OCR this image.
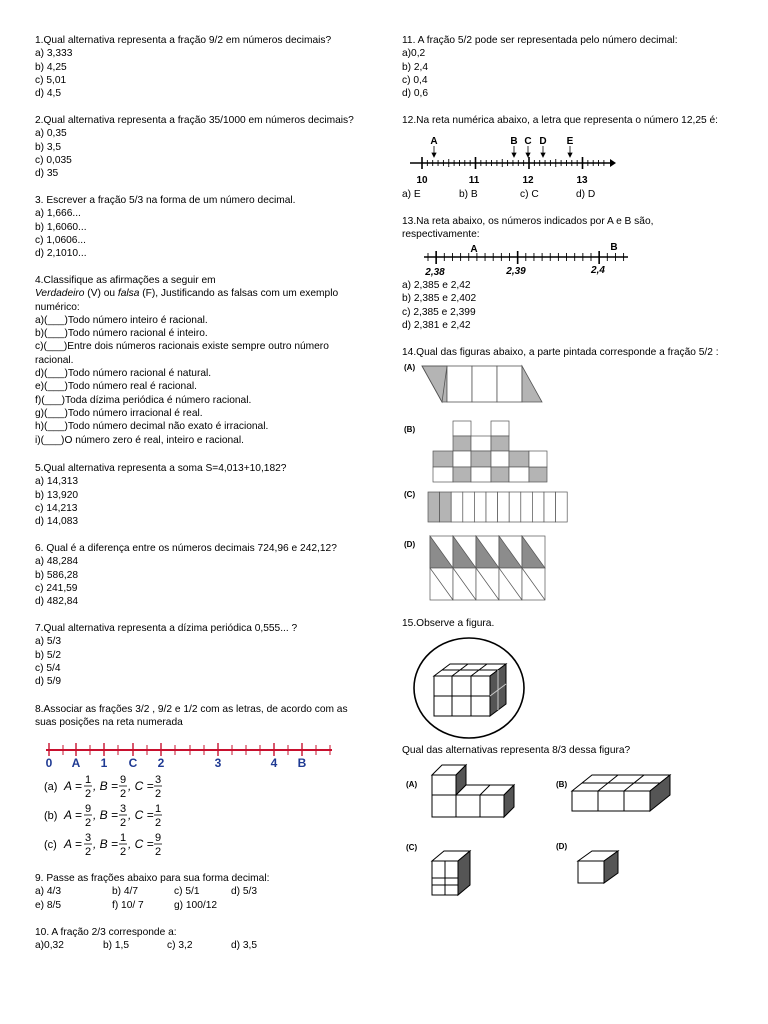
1.Qual alternativa representa a fração 9/2 em números decimais?
a) 3,333
b) 4,25
c) 5,01
d) 4,5
2.Qual alternativa representa a fração 35/1000 em números decimais?
a) 0,35
b) 3,5
c) 0,035
d) 35
3. Escrever a fração 5/3 na forma de um número decimal.
a) 1,666...
b) 1,6060...
c) 1,0606...
d) 2,1010...
4.Classifique as afirmações a seguir em
Verdadeiro (V) ou falsa (F), Justificando as falsas com um exemplo
numérico:
a)(___)Todo número inteiro é racional.
b)(___)Todo número racional é inteiro.
c)(___)Entre dois números racionais existe sempre outro número
racional.
d)(___)Todo número racional é natural.
e)(___)Todo número real é racional.
f)(___)Toda dízima periódica é número racional.
g)(___)Todo número irracional é real.
h)(___)Todo número decimal não exato é irracional.
i)(___)O número zero é real, inteiro e racional.
5.Qual alternativa representa a soma S=4,013+10,182?
a) 14,313
b) 13,920
c) 14,213
d) 14,083
6. Qual é a diferença entre os números decimais 724,96 e 242,12?
a) 48,284
b) 586,28
c) 241,59
d) 482,84
7.Qual alternativa representa a dízima periódica 0,555... ?
a) 5/3
b) 5/2
c) 5/4
d) 5/9
8.Associar as frações 3/2 , 9/2 e 1/2 com as letras, de acordo com as
suas posições na reta numerada
0 A 1 C 2	3	4 B
(a) A = 1
2
, B = 9
2
, C = 3
2
(b) A = 9
2
, B = 3
2
, C = 1
2
(c) A = 3
2
, B = 1
2
, C = 9
2
9. Passe as frações abaixo para sua forma decimal:
a) 4/3	b) 4/7	c) 5/1	d) 5/3
e) 8/5	f) 10/ 7	g) 100/12
10. A fração 2/3 corresponde a:
a)0,32	b) 1,5	c) 3,2	d) 3,5
11. A fração 5/2 pode ser representada pelo número decimal:
a)0,2
b) 2,4
c) 0,4
d) 0,6
12.Na reta numérica abaixo, a letra que representa o número 12,25 é:
A	B C D E
10	11	12	13
a) E	b) B	c) C	d) D
13.Na reta abaixo, os números indicados por A e B são,
respectivamente:
A	B
2,38	2,39	2,4
a) 2,385 e 2,42
b) 2,385 e 2,402
c) 2,385 e 2,399
d) 2,381 e 2,42
14.Qual das figuras abaixo, a parte pintada corresponde a fração 5/2 :
(A)
(B)
(C)
(D)
15.Observe a figura.
Qual das alternativas representa 8/3 dessa figura?
(A)	(B)
(C)	(D)
